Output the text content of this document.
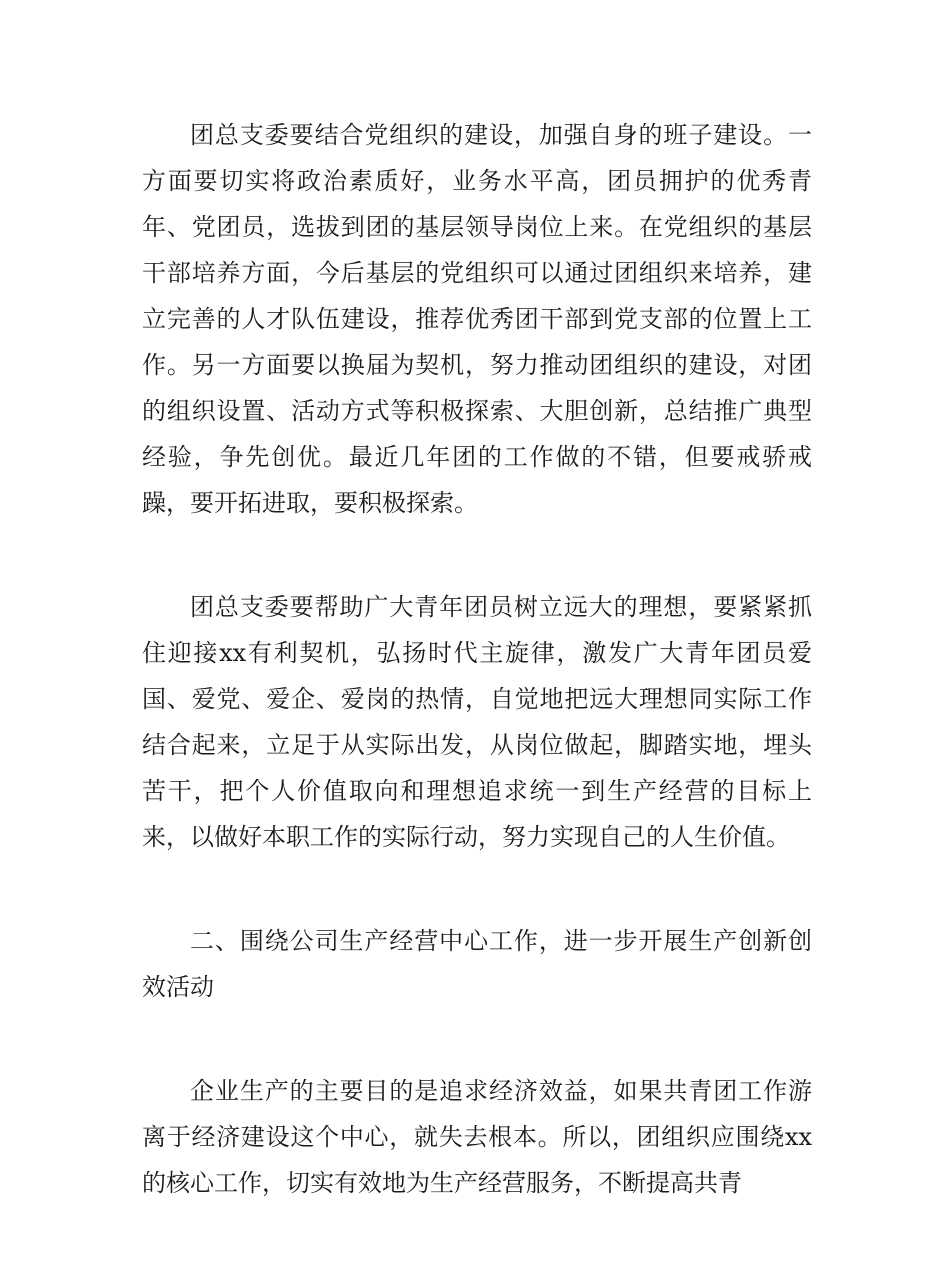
团总支委要结合党组织的建设，加强自身的班子建设。一方面要切实将政治素质好，业务水平高，团员拥护的优秀青年、党团员，选拔到团的基层领导岗位上来。在党组织的基层干部培养方面，今后基层的党组织可以通过团组织来培养，建立完善的人才队伍建设，推荐优秀团干部到党支部的位置上工作。另一方面要以换届为契机，努力推动团组织的建设，对团的组织设置、活动方式等积极探索、大胆创新，总结推广典型经验，争先创优。最近几年团的工作做的不错，但要戒骄戒躁，要开拓进取，要积极探索。

团总支委要帮助广大青年团员树立远大的理想，要紧紧抓住迎接xx有利契机，弘扬时代主旋律，激发广大青年团员爱国、爱党、爱企、爱岗的热情，自觉地把远大理想同实际工作结合起来，立足于从实际出发，从岗位做起，脚踏实地，埋头苦干，把个人价值取向和理想追求统一到生产经营的目标上来，以做好本职工作的实际行动，努力实现自己的人生价值。

二、围绕公司生产经营中心工作，进一步开展生产创新创效活动

企业生产的主要目的是追求经济效益，如果共青团工作游离于经济建设这个中心，就失去根本。所以，团组织应围绕xx的核心工作，切实有效地为生产经营服务，不断提高共青
